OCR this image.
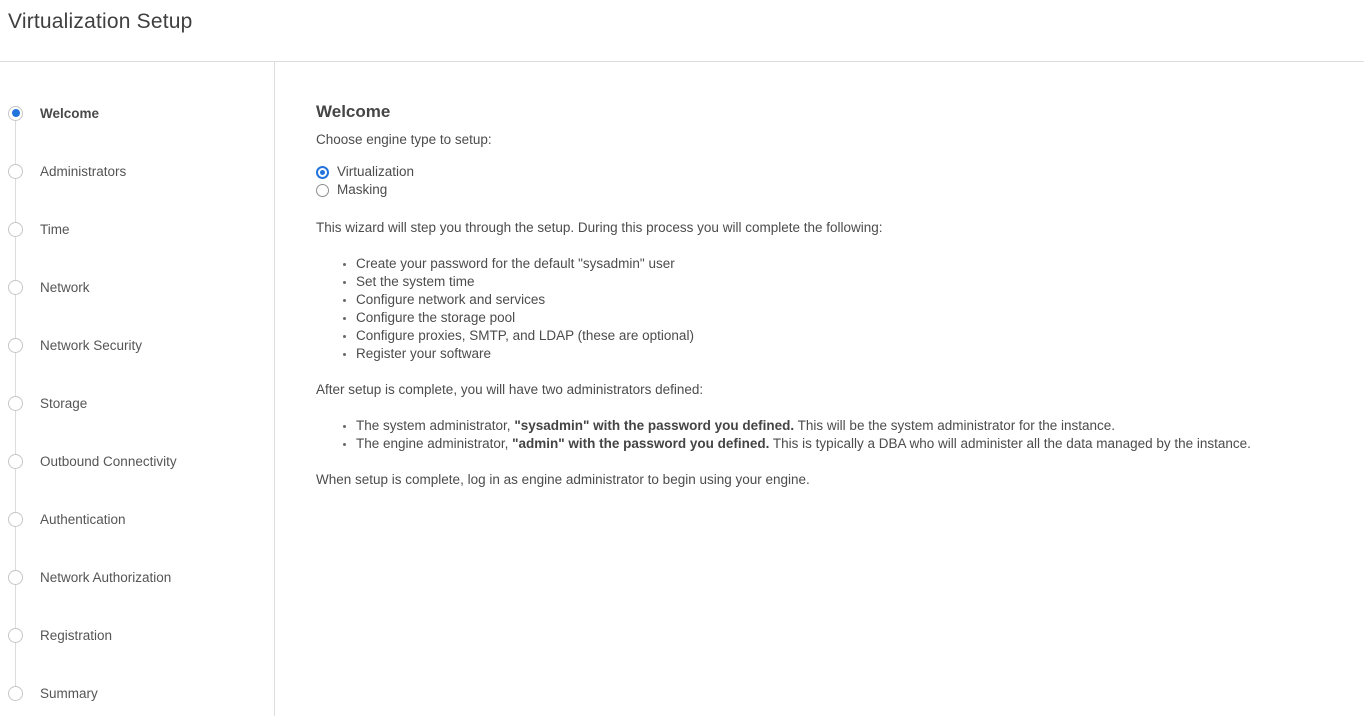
Virtualization Setup
Welcome
Administrators
Time
Network
Network Security
Storage
Outbound Connectivity
Authentication
Network Authorization
Registration
Summary
Welcome
Choose engine type to setup:
Virtualization
Masking
This wizard will step you through the setup. During this process you will complete the following:
• Create your password for the default "sysadmin" user
• Set the system time
• Configure network and services
• Configure the storage pool
• Configure proxies, SMTP, and LDAP (these are optional)
• Register your software
After setup is complete, you will have two administrators defined:
• The system administrator, "sysadmin" with the password you defined. This will be the system administrator for the instance.
• The engine administrator, "admin" with the password you defined. This is typically a DBA who will administer all the data managed by the instance.
When setup is complete, log in as engine administrator to begin using your engine.
